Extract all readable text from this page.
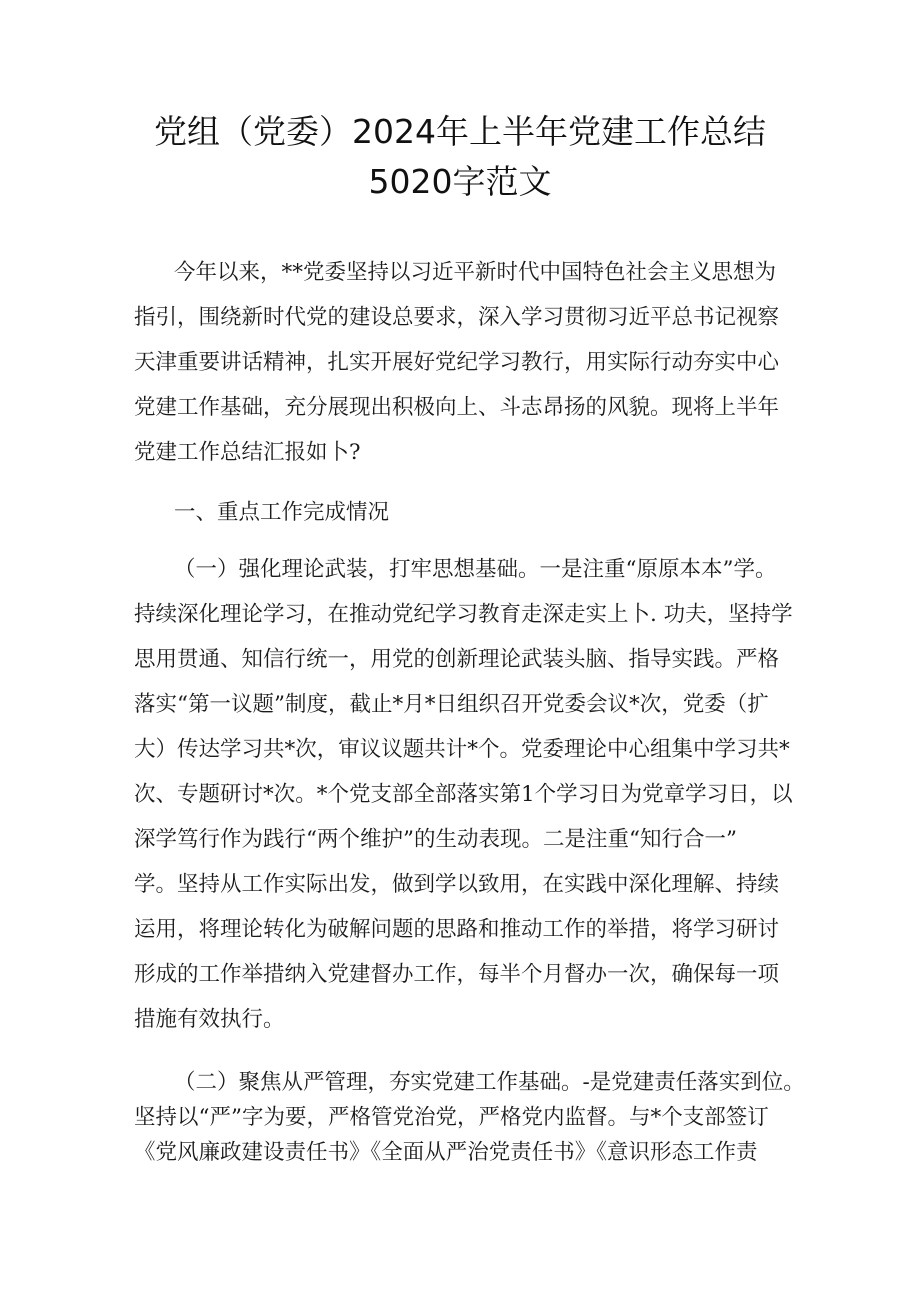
党组（党委）2024年上半年党建工作总结
5020字范文

今年以来，**党委坚持以习近平新时代中国特色社会主义思想为

指引，围绕新时代党的建设总要求，深入学习贯彻习近平总书记视察

天津重要讲话精神，扎实开展好党纪学习教行，用实际行动夯实中心

党建工作基础，充分展现出积极向上、斗志昂扬的风貌。现将上半年

党建工作总结汇报如卜?

一、重点工作完成情况

（一）强化理论武装，打牢思想基础。一是注重“原原本本”学。

持续深化理论学习，在推动党纪学习教育走深走实上卜. 功夫，坚持学

思用贯通、知信行统一，用党的创新理论武装头脑、指导实践。严格

落实“第一议题”制度，截止*月*日组织召开党委会议*次，党委（扩

大）传达学习共*次，审议议题共计*个。党委理论中心组集中学习共*

次、专题研讨*次。*个党支部全部落实第1个学习日为党章学习日，以

深学笃行作为践行“两个维护”的生动表现。二是注重“知行合一”

学。坚持从工作实际出发，做到学以致用，在实践中深化理解、持续

运用，将理论转化为破解问题的思路和推动工作的举措，将学习研讨

形成的工作举措纳入党建督办工作，每半个月督办一次，确保每一项

措施有效执行。

（二）聚焦从严管理，夯实党建工作基础。-是党建责任落实到位。

坚持以“严”字为要，严格管党治党，严格党内监督。与*个支部签订

《党风廉政建设责任书》《全面从严治党责任书》《意识形态工作责
